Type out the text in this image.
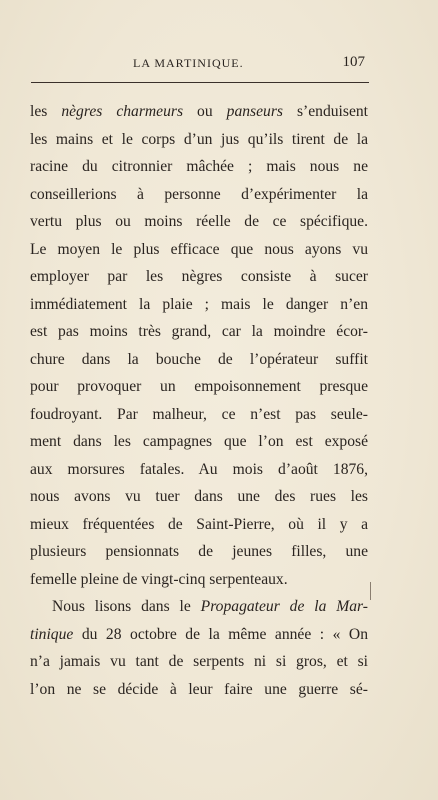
LA MARTINIQUE.	107
les nègres charmeurs ou panseurs s’enduisent
les mains et le corps d’un jus qu’ils tirent de la
racine du citronnier mâchée ; mais nous ne
conseillerions à personne d’expérimenter la
vertu plus ou moins réelle de ce spécifique.
Le moyen le plus efficace que nous ayons vu
employer par les nègres consiste à sucer
immédiatement la plaie ; mais le danger n’en
est pas moins très grand, car la moindre écor-
chure dans la bouche de l’opérateur suffit
pour provoquer un empoisonnement presque
foudroyant. Par malheur, ce n’est pas seule-
ment dans les campagnes que l’on est exposé
aux morsures fatales. Au mois d’août 1876,
nous avons vu tuer dans une des rues les
mieux fréquentées de Saint-Pierre, où il y a
plusieurs pensionnats de jeunes filles, une
femelle pleine de vingt-cinq serpenteaux.
Nous lisons dans le Propagateur de la Mar-
tinique du 28 octobre de la même année : « On
n’a jamais vu tant de serpents ni si gros, et si
l’on ne se décide à leur faire une guerre sé-
